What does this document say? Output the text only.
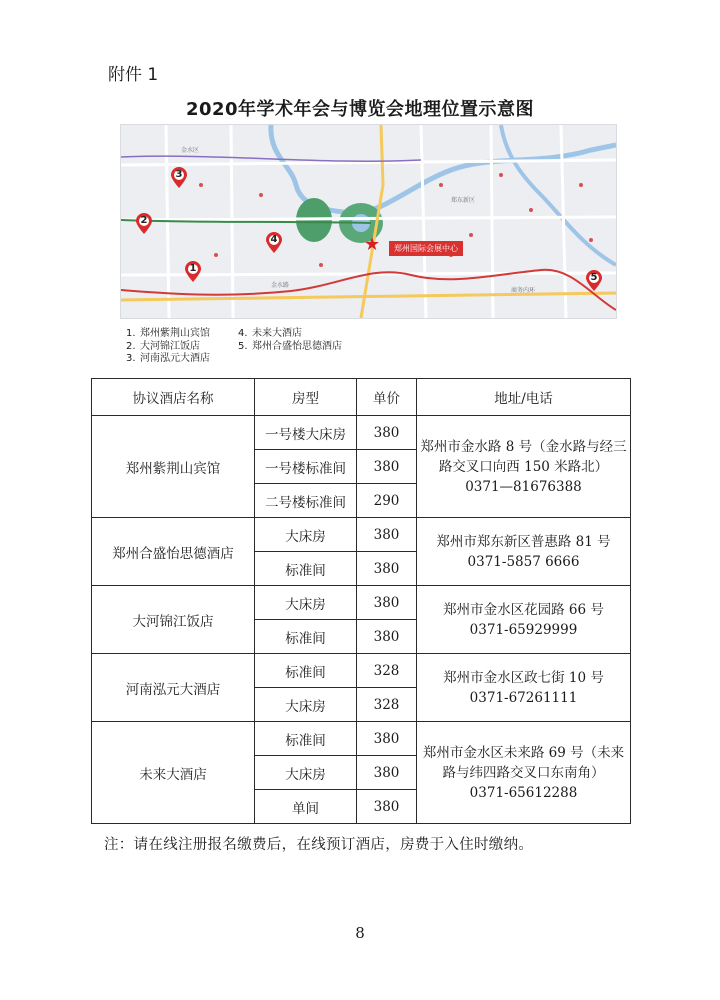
附件 1
2020年学术年会与博览会地理位置示意图
金水区
郑东新区
金水路
商务内环
3
2
1
4
5
★	郑州国际会展中心
1. 郑州紫荆山宾馆
2. 大河锦江饭店
3. 河南泓元大酒店
4. 未来大酒店
5. 郑州合盛怡思德酒店
协议酒店名称	房型	单价	地址/电话
郑州紫荆山宾馆	一号楼大床房	380	郑州市金水路 8 号（金水路与经三路交叉口向西 150 米路北）
0371—81676388

	一号楼标准间	380	
	二号楼标准间	290	
郑州合盛怡思德酒店	大床房	380	郑州市郑东新区普惠路 81 号
0371-5857 6666

	标准间	380	
大河锦江饭店	大床房	380	郑州市金水区花园路 66 号
0371-65929999

	标准间	380	
河南泓元大酒店	标准间	328	郑州市金水区政七街 10 号
0371-67261111

	大床房	328	
未来大酒店	标准间	380	郑州市金水区未来路 69 号（未来路与纬四路交叉口东南角）
0371-65612288

	大床房	380	
	单间	380	
注：请在线注册报名缴费后，在线预订酒店，房费于入住时缴纳。
8
